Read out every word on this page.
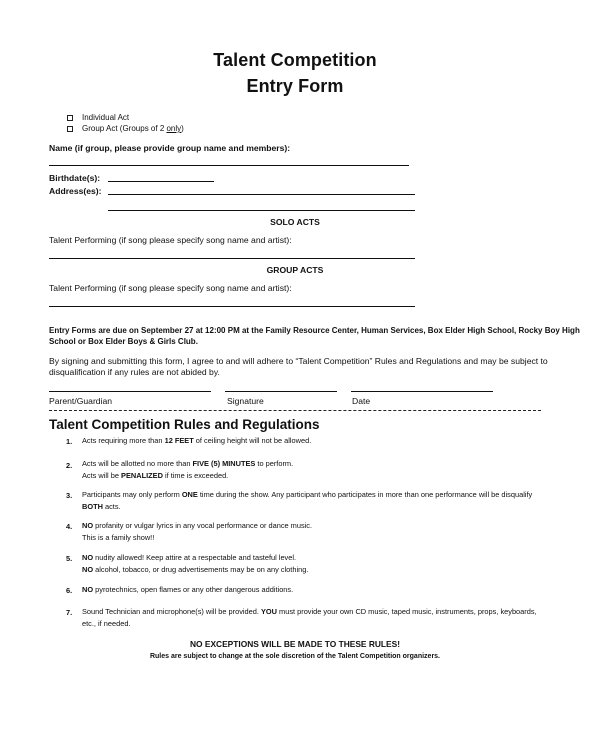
Talent Competition
Entry Form
Individual Act
Group Act (Groups of 2 only)
Name (if group, please provide group name and members):
Birthdate(s):
Address(es):
SOLO ACTS
Talent Performing (if song please specify song name and artist):
GROUP ACTS
Talent Performing (if song please specify song name and artist):
Entry Forms are due on September 27 at 12:00 PM at the Family Resource Center, Human Services, Box Elder High School, Rocky Boy High
School or Box Elder Boys & Girls Club.
By signing and submitting this form, I agree to and will adhere to “Talent Competition” Rules and Regulations and may be subject to
disqualification if any rules are not abided by.
Parent/Guardian	Signature	Date
Talent Competition Rules and Regulations
1. Acts requiring more than 12 FEET of ceiling height will not be allowed.
2. Acts will be allotted no more than FIVE (5) MINUTES to perform.
Acts will be PENALIZED if time is exceeded.
3. Participants may only perform ONE time during the show. Any participant who participates in more than one performance will be disqualify
BOTH acts.
4. NO profanity or vulgar lyrics in any vocal performance or dance music.
This is a family show!!
5. NO nudity allowed! Keep attire at a respectable and tasteful level.
NO alcohol, tobacco, or drug advertisements may be on any clothing.
6. NO pyrotechnics, open flames or any other dangerous additions.
7. Sound Technician and microphone(s) will be provided. YOU must provide your own CD music, taped music, instruments, props, keyboards,
etc., if needed.
NO EXCEPTIONS WILL BE MADE TO THESE RULES!
Rules are subject to change at the sole discretion of the Talent Competition organizers.
